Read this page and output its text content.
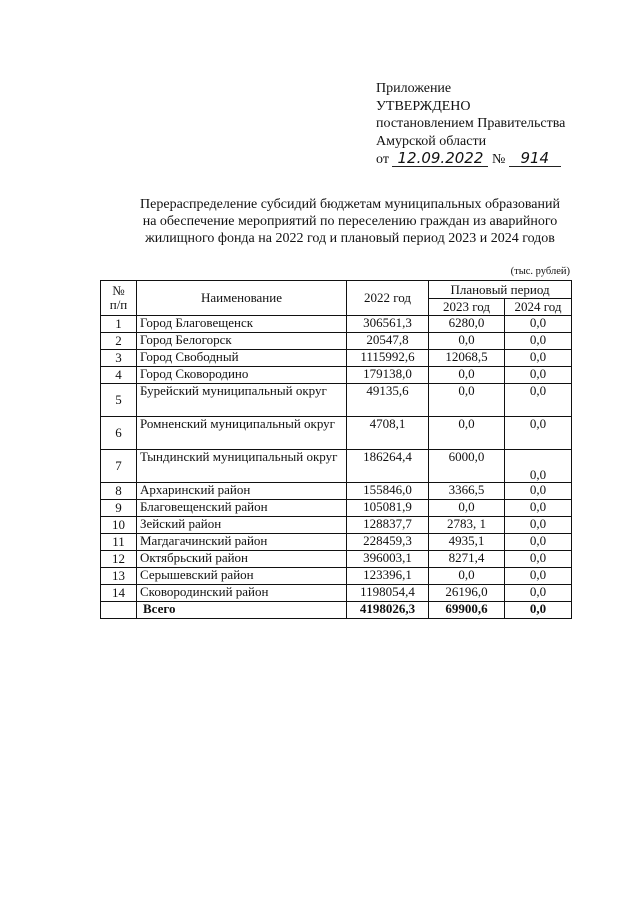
Приложение
УТВЕРЖДЕНО
постановлением Правительства
Амурской области
от 12.09.2022 № 914
Перераспределение субсидий бюджетам муниципальных образований
на обеспечение мероприятий по переселению граждан из аварийного
жилищного фонда на 2022 год и плановый период 2023 и 2024 годов
(тыс. рублей)
№
п/п	Наименование	2022 год	Плановый период	
			2023 год	2024 год
1	Город Благовещенск	306561,3	6280,0	0,0
2	Город Белогорск	20547,8	0,0	0,0
3	Город Свободный	1115992,6	12068,5	0,0
4	Город Сковородино	179138,0	0,0	0,0
5	Бурейский муниципальный округ	49135,6	0,0	0,0
6	Ромненский муниципальный округ	4708,1	0,0	0,0
7	Тындинский муниципальный округ	186264,4	6000,0	0,0
8	Архаринский район	155846,0	3366,5	0,0
9	Благовещенский район	105081,9	0,0	0,0
10	Зейский район	128837,7	2783, 1	0,0
11	Магдагачинский район	228459,3	4935,1	0,0
12	Октябрьский район	396003,1	8271,4	0,0
13	Серышевский район	123396,1	0,0	0,0
14	Сковородинский район	1198054,4	26196,0	0,0
	Всего	4198026,3	69900,6	0,0
